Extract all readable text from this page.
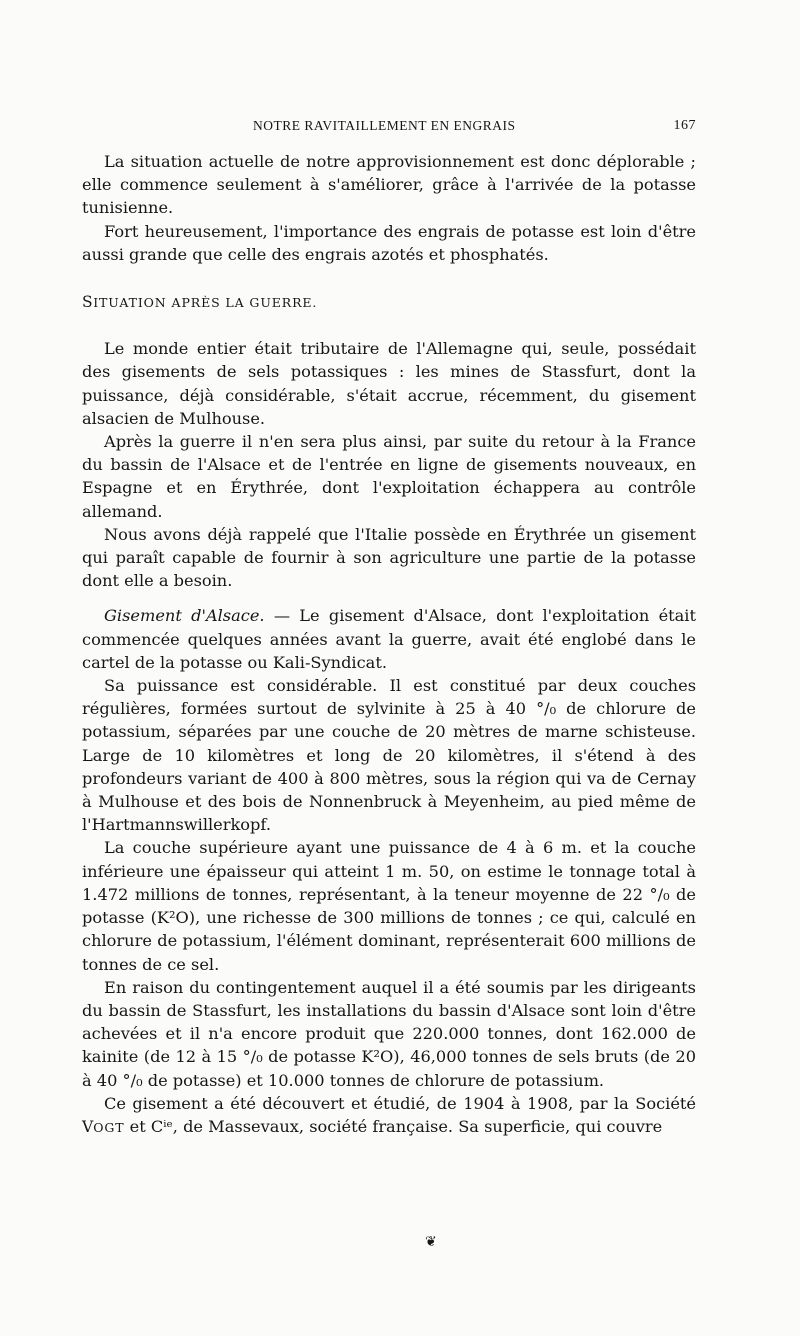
NOTRE RAVITAILLEMENT EN ENGRAIS	167

La situation actuelle de notre approvisionnement est donc déplorable ; elle commence seulement à s'améliorer, grâce à l'arrivée de la potasse tunisienne.

Fort heureusement, l'importance des engrais de potasse est loin d'être aussi grande que celle des engrais azotés et phosphatés.

SITUATION APRÈS LA GUERRE.

Le monde entier était tributaire de l'Allemagne qui, seule, possédait des gisements de sels potassiques : les mines de Stassfurt, dont la puissance, déjà considérable, s'était accrue, récemment, du gisement alsacien de Mulhouse.

Après la guerre il n'en sera plus ainsi, par suite du retour à la France du bassin de l'Alsace et de l'entrée en ligne de gisements nouveaux, en Espagne et en Érythrée, dont l'exploitation échappera au contrôle allemand.

Nous avons déjà rappelé que l'Italie possède en Érythrée un gisement qui paraît capable de fournir à son agriculture une partie de la potasse dont elle a besoin.

Gisement d'Alsace. — Le gisement d'Alsace, dont l'exploitation était commencée quelques années avant la guerre, avait été englobé dans le cartel de la potasse ou Kali-Syndicat.

Sa puissance est considérable. Il est constitué par deux couches régulières, formées surtout de sylvinite à 25 à 40 °/₀ de chlorure de potassium, séparées par une couche de 20 mètres de marne schisteuse. Large de 10 kilomètres et long de 20 kilomètres, il s'étend à des profondeurs variant de 400 à 800 mètres, sous la région qui va de Cernay à Mulhouse et des bois de Nonnenbruck à Meyenheim, au pied même de l'Hartmannswillerkopf.

La couche supérieure ayant une puissance de 4 à 6 m. et la couche inférieure une épaisseur qui atteint 1 m. 50, on estime le tonnage total à 1.472 millions de tonnes, représentant, à la teneur moyenne de 22 °/₀ de potasse (K²O), une richesse de 300 millions de tonnes ; ce qui, calculé en chlorure de potassium, l'élément dominant, représenterait 600 millions de tonnes de ce sel.

En raison du contingentement auquel il a été soumis par les dirigeants du bassin de Stassfurt, les installations du bassin d'Alsace sont loin d'être achevées et il n'a encore produit que 220.000 tonnes, dont 162.000 de kainite (de 12 à 15 °/₀ de potasse K²O), 46,000 tonnes de sels bruts (de 20 à 40 °/₀ de potasse) et 10.000 tonnes de chlorure de potassium.

Ce gisement a été découvert et étudié, de 1904 à 1908, par la Société VOGT et Cⁱᵉ, de Massevaux, société française. Sa superficie, qui couvre

❦
